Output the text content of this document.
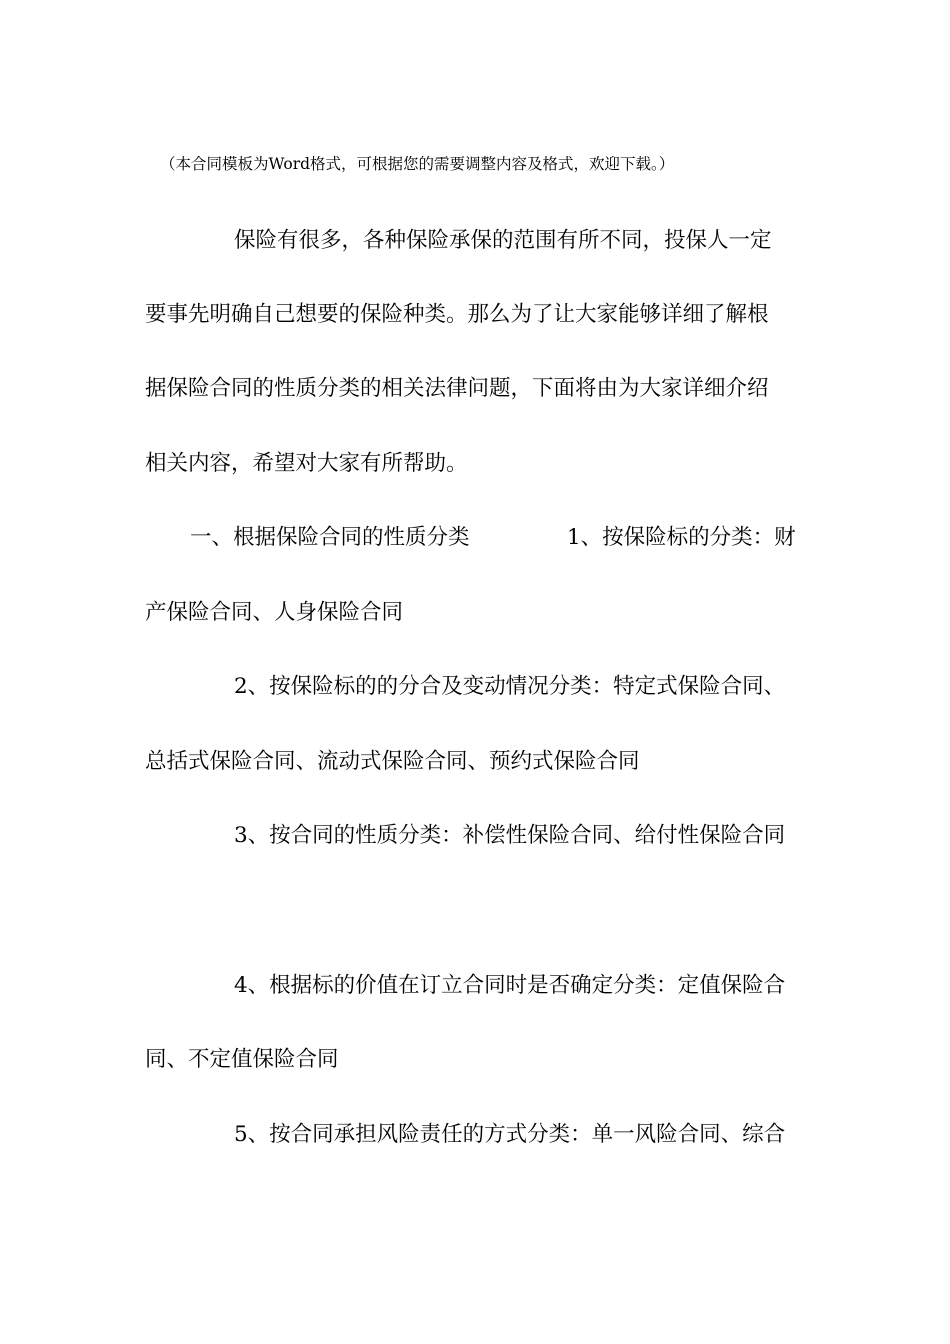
（本合同模板为Word格式，可根据您的需要调整内容及格式，欢迎下载。）
保险有很多，各种保险承保的范围有所不同，投保人一定
要事先明确自己想要的保险种类。那么为了让大家能够详细了解根
据保险合同的性质分类的相关法律问题，下面将由为大家详细介绍
相关内容，希望对大家有所帮助。
一、根据保险合同的性质分类	1、按保险标的分类：财
产保险合同、人身保险合同
2、按保险标的的分合及变动情况分类：特定式保险合同、
总括式保险合同、流动式保险合同、预约式保险合同
3、按合同的性质分类：补偿性保险合同、给付性保险合同
4、根据标的价值在订立合同时是否确定分类：定值保险合
同、不定值保险合同
5、按合同承担风险责任的方式分类：单一风险合同、综合
